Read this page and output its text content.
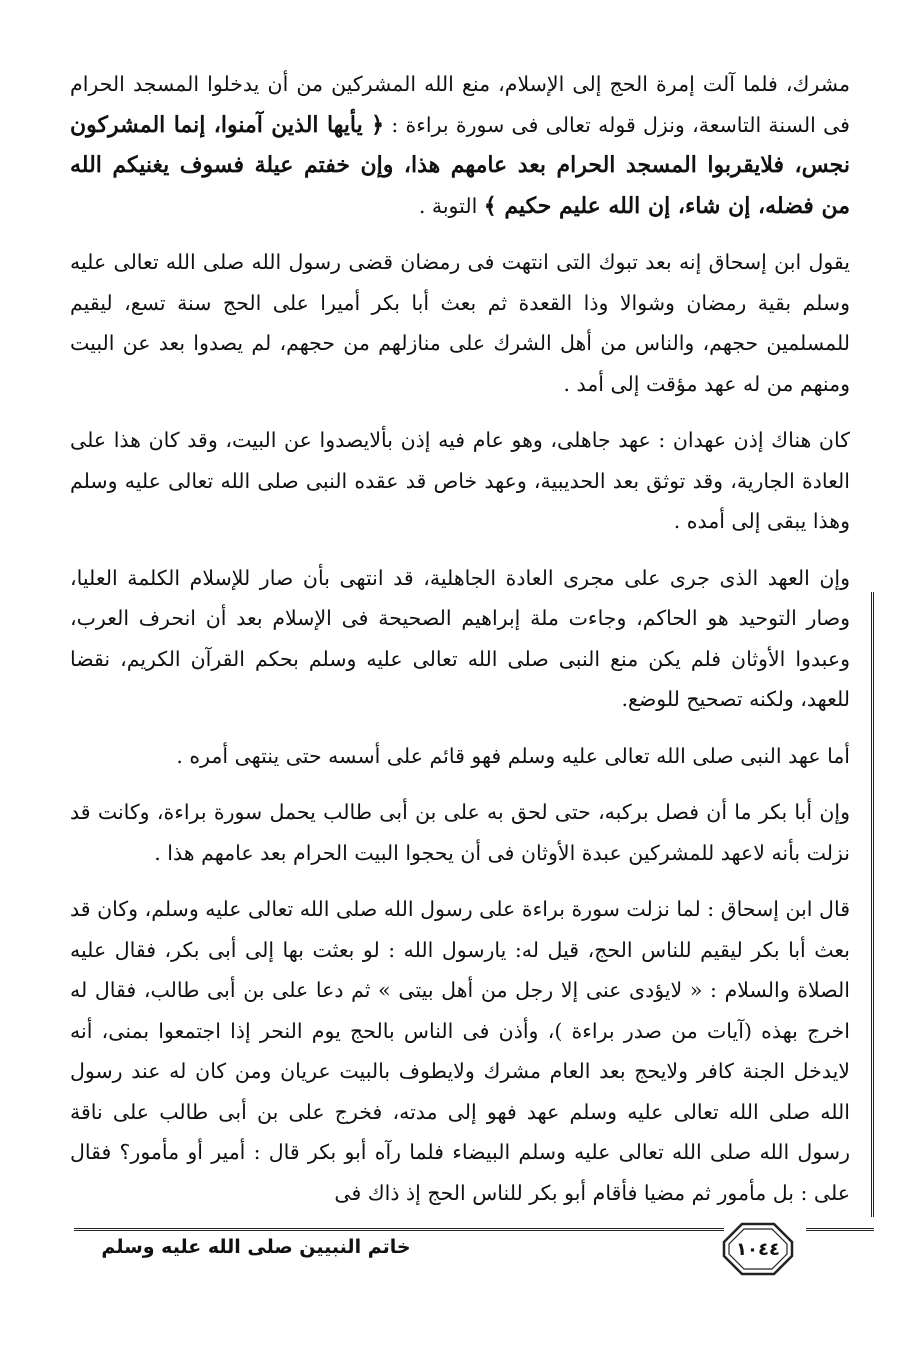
مشرك، فلما آلت إمرة الحج إلى الإسلام، منع الله المشركين من أن يدخلوا المسجد الحرام فى السنة التاسعة، ونزل قوله تعالى فى سورة براءة : ﴿ يأيها الذين آمنوا، إنما المشركون نجس، فلايقربوا المسجد الحرام بعد عامهم هذا، وإن خفتم عيلة فسوف يغنيكم الله من فضله، إن شاء، إن الله عليم حكيم ﴾ التوبة .

يقول ابن إسحاق إنه بعد تبوك التى انتهت فى رمضان قضى رسول الله صلى الله تعالى عليه وسلم بقية رمضان وشوالا وذا القعدة ثم بعث أبا بكر أميرا على الحج سنة تسع، ليقيم للمسلمين حجهم، والناس من أهل الشرك على منازلهم من حجهم، لم يصدوا بعد عن البيت ومنهم من له عهد مؤقت إلى أمد .

كان هناك إذن عهدان : عهد جاهلى، وهو عام فيه إذن بألايصدوا عن البيت، وقد كان هذا على العادة الجارية، وقد توثق بعد الحديبية، وعهد خاص قد عقده النبى صلى الله تعالى عليه وسلم وهذا يبقى إلى أمده .

وإن العهد الذى جرى على مجرى العادة الجاهلية، قد انتهى بأن صار للإسلام الكلمة العليا، وصار التوحيد هو الحاكم، وجاءت ملة إبراهيم الصحيحة فى الإسلام بعد أن انحرف العرب، وعبدوا الأوثان فلم يكن منع النبى صلى الله تعالى عليه وسلم بحكم القرآن الكريم، نقضا للعهد، ولكنه تصحيح للوضع.

أما عهد النبى صلى الله تعالى عليه وسلم فهو قائم على أسسه حتى ينتهى أمره .

وإن أبا بكر ما أن فصل بركبه، حتى لحق به على بن أبى طالب يحمل سورة براءة، وكانت قد نزلت بأنه لاعهد للمشركين عبدة الأوثان فى أن يحجوا البيت الحرام بعد عامهم هذا .

قال ابن إسحاق : لما نزلت سورة براءة على رسول الله صلى الله تعالى عليه وسلم، وكان قد بعث أبا بكر ليقيم للناس الحج، قيل له: يارسول الله : لو بعثت بها إلى أبى بكر، فقال عليه الصلاة والسلام : « لايؤدى عنى إلا رجل من أهل بيتى » ثم دعا على بن أبى طالب، فقال له اخرج بهذه (آيات من صدر براءة )، وأذن فى الناس بالحج يوم النحر إذا اجتمعوا بمنى، أنه لايدخل الجنة كافر ولايحج بعد العام مشرك ولايطوف بالبيت عريان ومن كان له عند رسول الله صلى الله تعالى عليه وسلم عهد فهو إلى مدته، فخرج على بن أبى طالب على ناقة رسول الله صلى الله تعالى عليه وسلم البيضاء فلما رآه أبو بكر قال : أمير أو مأمور؟ فقال على : بل مأمور ثم مضيا فأقام أبو بكر للناس الحج إذ ذاك فى

خاتم النبيين صلى الله عليه وسلم	١٠٤٤
